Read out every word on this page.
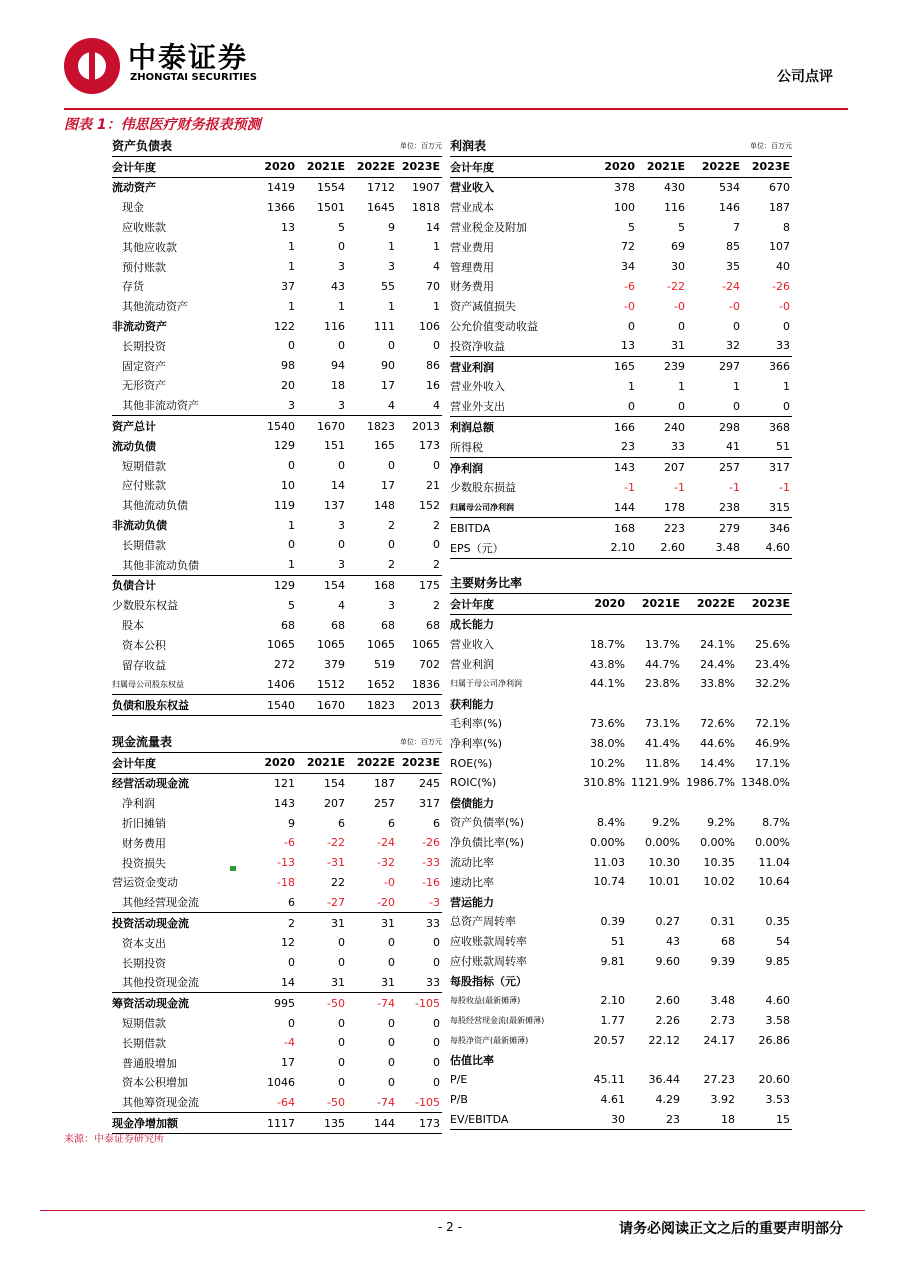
中泰证券
ZHONGTAI SECURITIES	公司点评
图表 1：伟思医疗财务报表预测
资产负债表				单位：百万元
会计年度	2020	2021E	2022E	2023E
流动资产	1419	1554	1712	1907
现金	1366	1501	1645	1818
应收账款	13	5	9	14
其他应收款	1	0	1	1
预付账款	1	3	3	4
存货	37	43	55	70
其他流动资产	1	1	1	1
非流动资产	122	116	111	106
长期投资	0	0	0	0
固定资产	98	94	90	86
无形资产	20	18	17	16
其他非流动资产	3	3	4	4
资产总计	1540	1670	1823	2013
流动负债	129	151	165	173
短期借款	0	0	0	0
应付账款	10	14	17	21
其他流动负债	119	137	148	152
非流动负债	1	3	2	2
长期借款	0	0	0	0
其他非流动负债	1	3	2	2
负债合计	129	154	168	175
少数股东权益	5	4	3	2
股本	68	68	68	68
资本公积	1065	1065	1065	1065
留存收益	272	379	519	702
归属母公司股东权益	1406	1512	1652	1836
负债和股东权益	1540	1670	1823	2013
现金流量表				单位：百万元
会计年度	2020	2021E	2022E	2023E
经营活动现金流	121	154	187	245
净利润	143	207	257	317
折旧摊销	9	6	6	6
财务费用	-6	-22	-24	-26
投资损失	-13	-31	-32	-33
营运资金变动	-18	22	-0	-16
其他经营现金流	6	-27	-20	-3
投资活动现金流	2	31	31	33
资本支出	12	0	0	0
长期投资	0	0	0	0
其他投资现金流	14	31	31	33
筹资活动现金流	995	-50	-74	-105
短期借款	0	0	0	0
长期借款	-4	0	0	0
普通股增加	17	0	0	0
资本公积增加	1046	0	0	0
其他筹资现金流	-64	-50	-74	-105
现金净增加额	1117	135	144	173
利润表				单位：百万元
会计年度	2020	2021E	2022E	2023E
营业收入	378	430	534	670
营业成本	100	116	146	187
营业税金及附加	5	5	7	8
营业费用	72	69	85	107
管理费用	34	30	35	40
财务费用	-6	-22	-24	-26
资产减值损失	-0	-0	-0	-0
公允价值变动收益	0	0	0	0
投资净收益	13	31	32	33
营业利润	165	239	297	366
营业外收入	1	1	1	1
营业外支出	0	0	0	0
利润总额	166	240	298	368
所得税	23	33	41	51
净利润	143	207	257	317
少数股东损益	-1	-1	-1	-1
归属母公司净利润	144	178	238	315
EBITDA	168	223	279	346
EPS（元）	2.10	2.60	3.48	4.60
主要财务比率				
会计年度	2020	2021E	2022E	2023E
成长能力				
营业收入	18.7%	13.7%	24.1%	25.6%
营业利润	43.8%	44.7%	24.4%	23.4%
归属于母公司净利润	44.1%	23.8%	33.8%	32.2%
获利能力				
毛利率(%)	73.6%	73.1%	72.6%	72.1%
净利率(%)	38.0%	41.4%	44.6%	46.9%
ROE(%)	10.2%	11.8%	14.4%	17.1%
ROIC(%)	310.8%	1121.9%	1986.7%	1348.0%
偿债能力				
资产负债率(%)	8.4%	9.2%	9.2%	8.7%
净负债比率(%)	0.00%	0.00%	0.00%	0.00%
流动比率	11.03	10.30	10.35	11.04
速动比率	10.74	10.01	10.02	10.64
营运能力				
总资产周转率	0.39	0.27	0.31	0.35
应收账款周转率	51	43	68	54
应付账款周转率	9.81	9.60	9.39	9.85
每股指标（元）				
每股收益(最新摊薄)	2.10	2.60	3.48	4.60
每股经营现金流(最新摊薄)	1.77	2.26	2.73	3.58
每股净资产(最新摊薄)	20.57	22.12	24.17	26.86
估值比率				
P/E	45.11	36.44	27.23	20.60
P/B	4.61	4.29	3.92	3.53
EV/EBITDA	30	23	18	15
来源：中泰证券研究所
- 2 -	请务必阅读正文之后的重要声明部分
